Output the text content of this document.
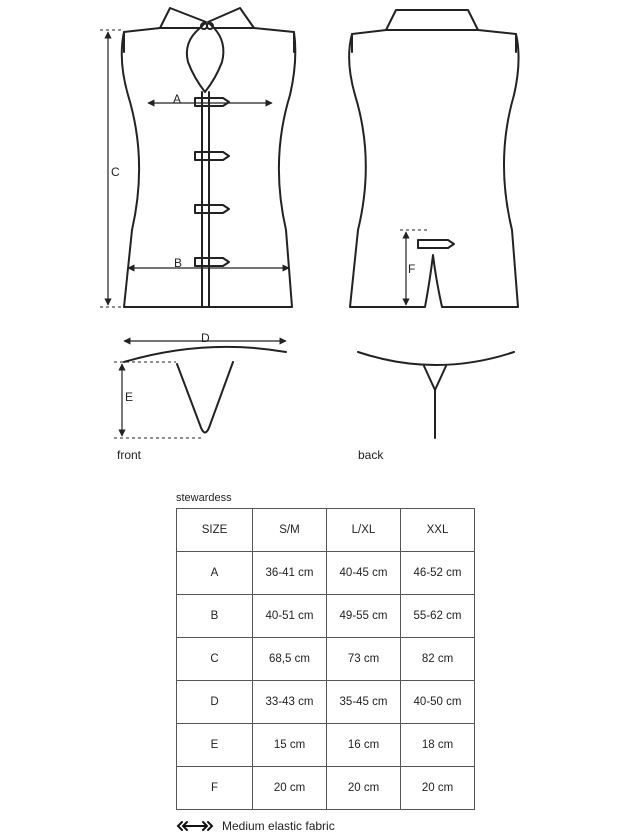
A
B
C
D
E
F
front	back
stewardess
SIZE	S/M	L/XL	XXL
A	36-41 cm	40-45 cm	46-52 cm
B	40-51 cm	49-55 cm	55-62 cm
C	68,5 cm	73 cm	82 cm
D	33-43 cm	35-45 cm	40-50 cm
E	15 cm	16 cm	18 cm
F	20 cm	20 cm	20 cm
Medium elastic fabric
